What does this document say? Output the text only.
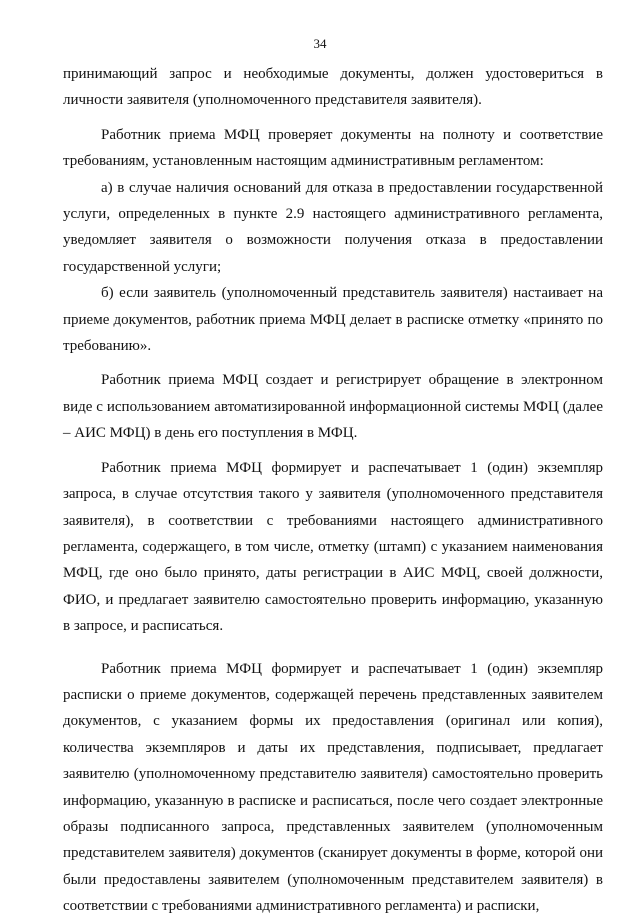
34

принимающий запрос и необходимые документы, должен удостовериться в личности заявителя (уполномоченного представителя заявителя).

Работник приема МФЦ проверяет документы на полноту и соответствие требованиям, установленным настоящим административным регламентом:

а) в случае наличия оснований для отказа в предоставлении государственной услуги, определенных в пункте 2.9 настоящего административного регламента, уведомляет заявителя о возможности получения отказа в предоставлении государственной услуги;

б) если заявитель (уполномоченный представитель заявителя) настаивает на приеме документов, работник приема МФЦ делает в расписке отметку «принято по требованию».

Работник приема МФЦ создает и регистрирует обращение в электронном виде с использованием автоматизированной информационной системы МФЦ (далее – АИС МФЦ) в день его поступления в МФЦ.

Работник приема МФЦ формирует и распечатывает 1 (один) экземпляр запроса, в случае отсутствия такого у заявителя (уполномоченного представителя заявителя), в соответствии с требованиями настоящего административного регламента, содержащего, в том числе, отметку (штамп) с указанием наименования МФЦ, где оно было принято, даты регистрации в АИС МФЦ, своей должности, ФИО, и предлагает заявителю самостоятельно проверить информацию, указанную в запросе, и расписаться.

Работник приема МФЦ формирует и распечатывает 1 (один) экземпляр расписки о приеме документов, содержащей перечень представленных заявителем документов, с указанием формы их предоставления (оригинал или копия), количества экземпляров и даты их представления, подписывает, предлагает заявителю (уполномоченному представителю заявителя) самостоятельно проверить информацию, указанную в расписке и расписаться, после чего создает электронные образы подписанного запроса, представленных заявителем (уполномоченным представителем заявителя) документов (сканирует документы в форме, которой они были предоставлены заявителем (уполномоченным представителем заявителя) в соответствии с требованиями административного регламента) и расписки,
